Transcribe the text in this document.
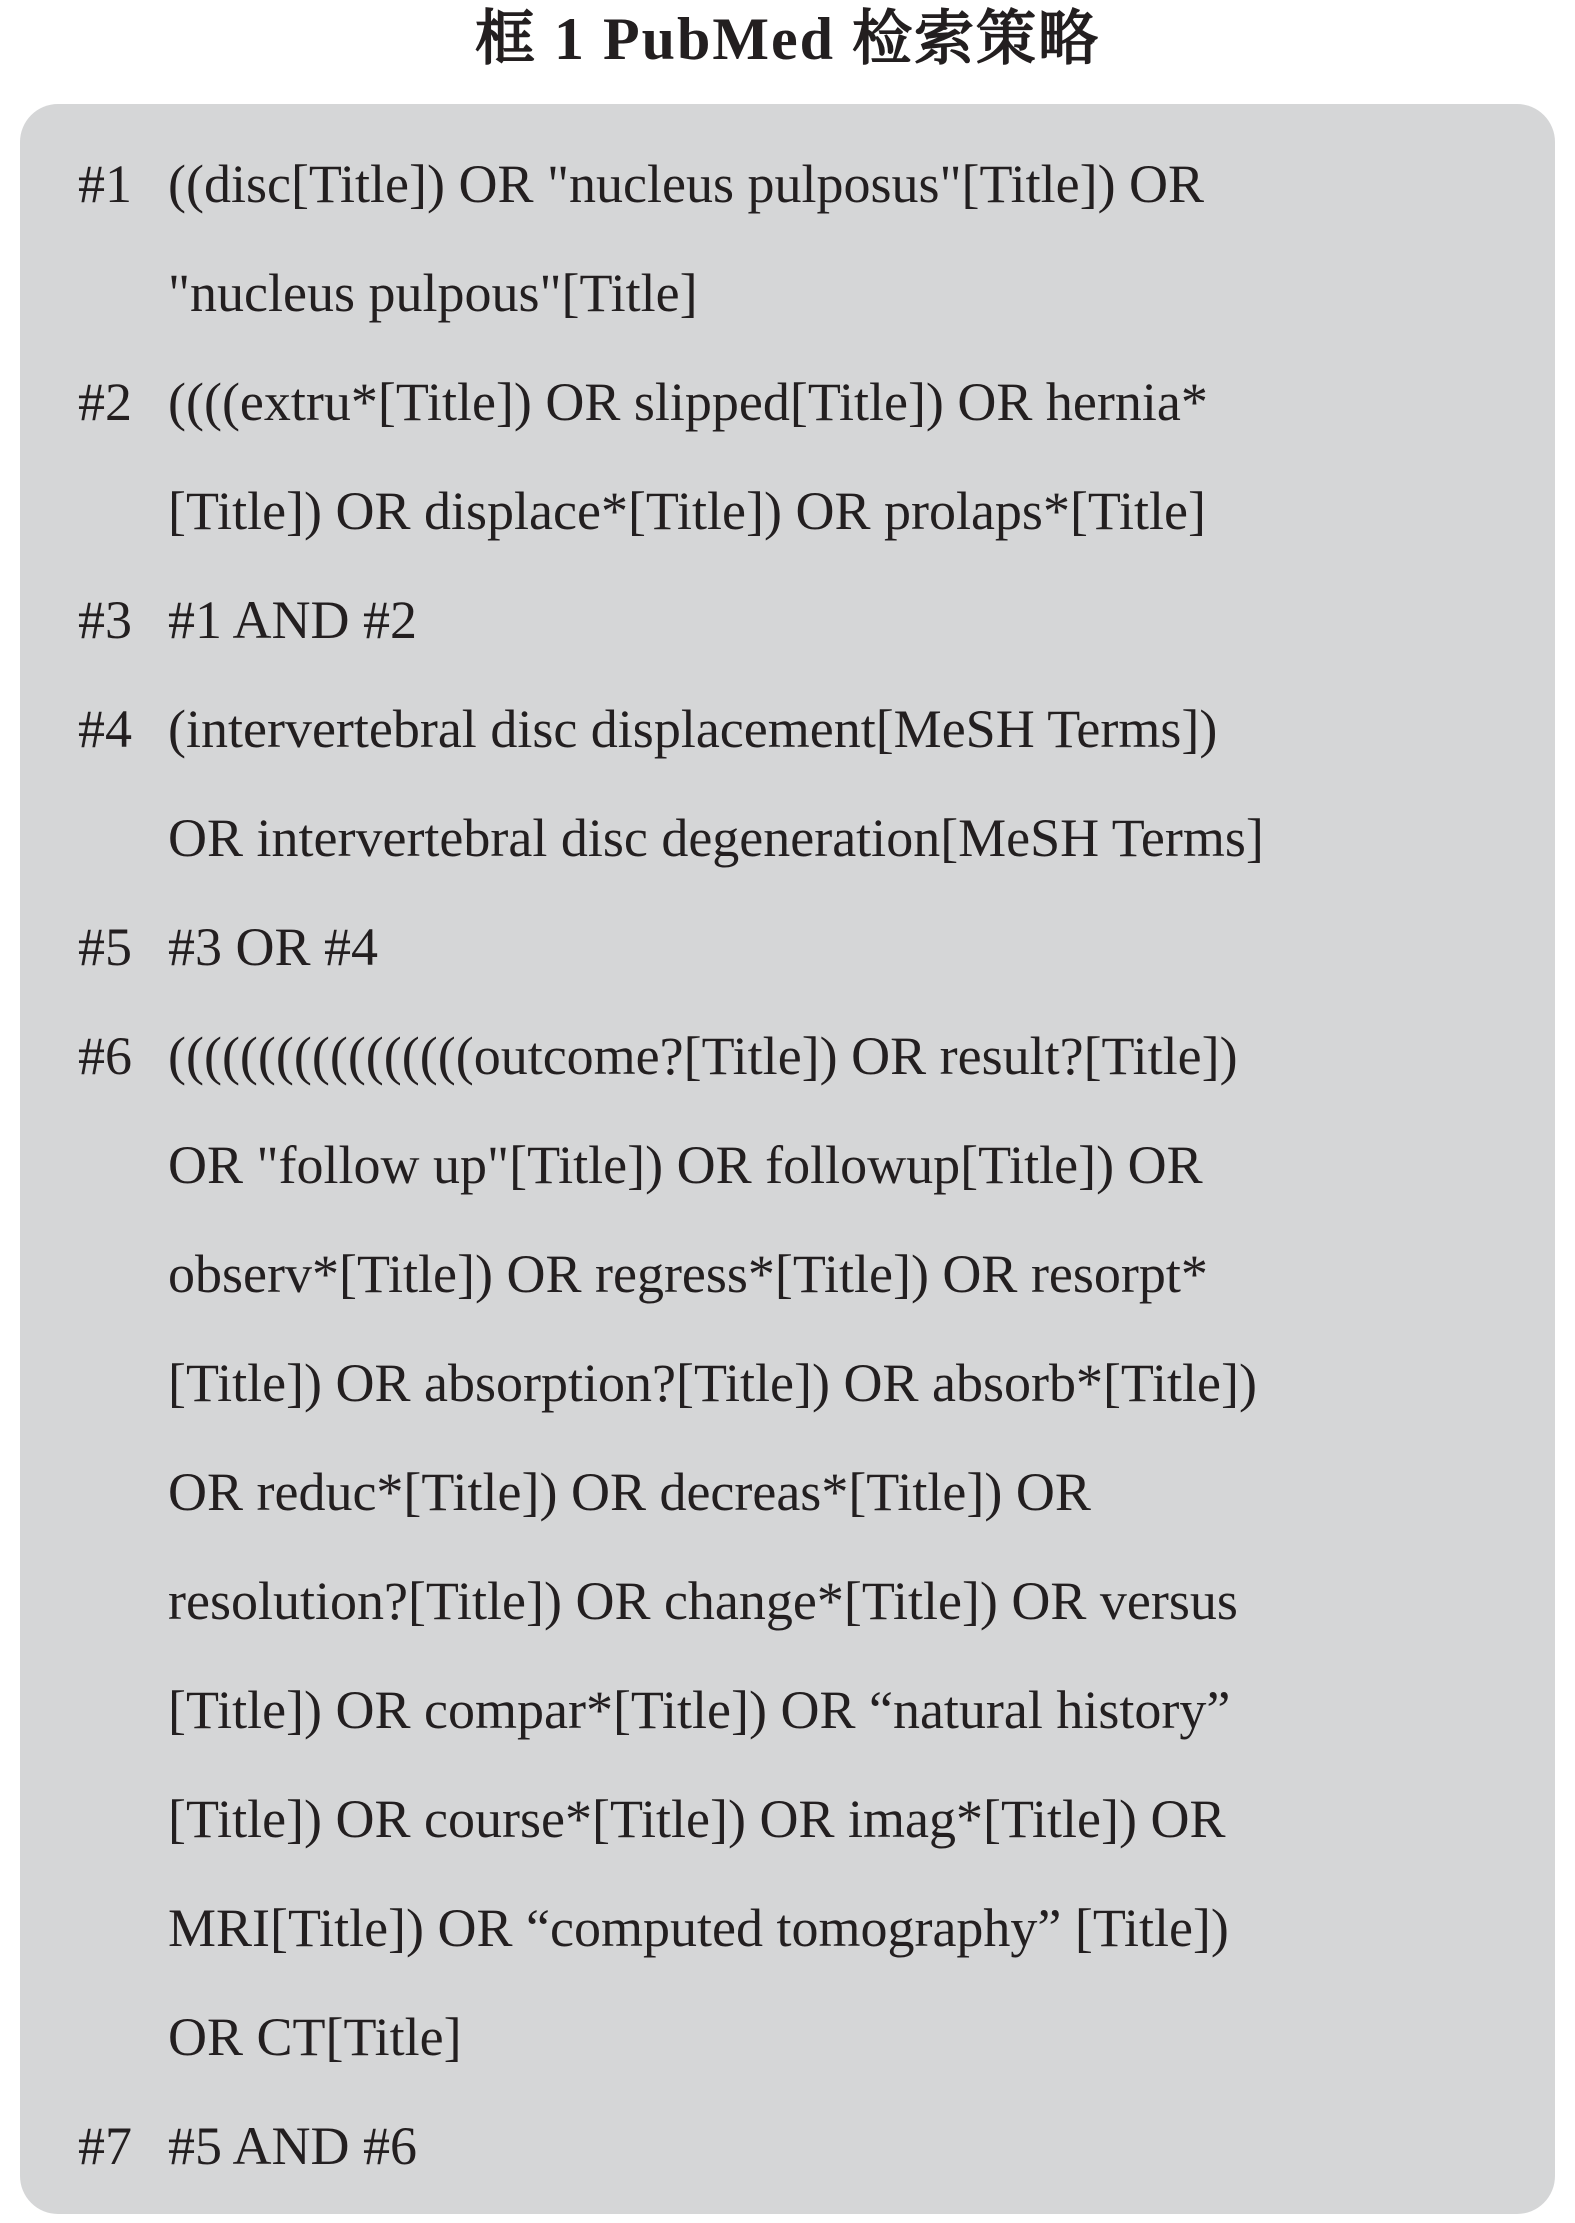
框 1 PubMed 检索策略
#1 ((disc[Title]) OR "nucleus pulposus"[Title]) OR
"nucleus pulpous"[Title]
#2 ((((extru*[Title]) OR slipped[Title]) OR hernia*
[Title]) OR displace*[Title]) OR prolaps*[Title]
#3 #1 AND #2
#4 (intervertebral disc displacement[MeSH Terms])
OR intervertebral disc degeneration[MeSH Terms]
#5 #3 OR #4
#6 (((((((((((((((((outcome?[Title]) OR result?[Title])
OR "follow up"[Title]) OR followup[Title]) OR
observ*[Title]) OR regress*[Title]) OR resorpt*
[Title]) OR absorption?[Title]) OR absorb*[Title])
OR reduc*[Title]) OR decreas*[Title]) OR
resolution?[Title]) OR change*[Title]) OR versus
[Title]) OR compar*[Title]) OR “natural history”
[Title]) OR course*[Title]) OR imag*[Title]) OR
MRI[Title]) OR “computed tomography” [Title])
OR CT[Title]
#7 #5 AND #6
